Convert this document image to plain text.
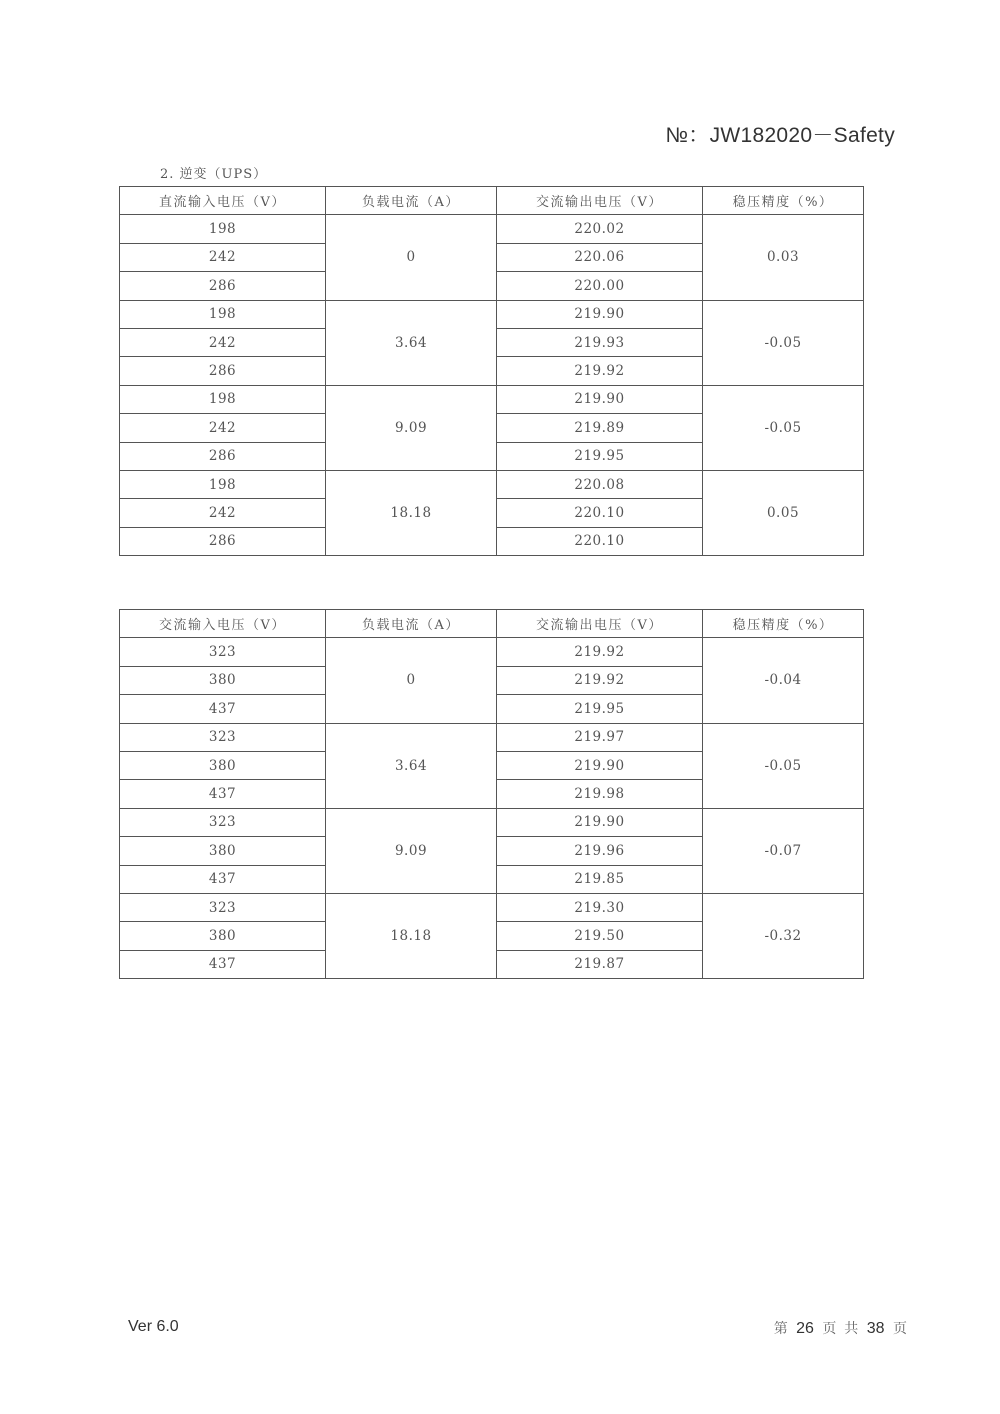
№：JW182020－Safety
2. 逆变（UPS）
直流输入电压（V）	负载电流（A）	交流输出电压（V）	稳压精度（%）
198	0	220.02	0.03
242		220.06	
286		220.00	
198	3.64	219.90	-0.05
242		219.93	
286		219.92	
198	9.09	219.90	-0.05
242		219.89	
286		219.95	
198	18.18	220.08	0.05
242		220.10	
286		220.10	
交流输入电压（V）	负载电流（A）	交流输出电压（V）	稳压精度（%）
323	0	219.92	-0.04
380		219.92	
437		219.95	
323	3.64	219.97	-0.05
380		219.90	
437		219.98	
323	9.09	219.90	-0.07
380		219.96	
437		219.85	
323	18.18	219.30	-0.32
380		219.50	
437		219.87	
Ver 6.0	第 26 页 共 38 页
